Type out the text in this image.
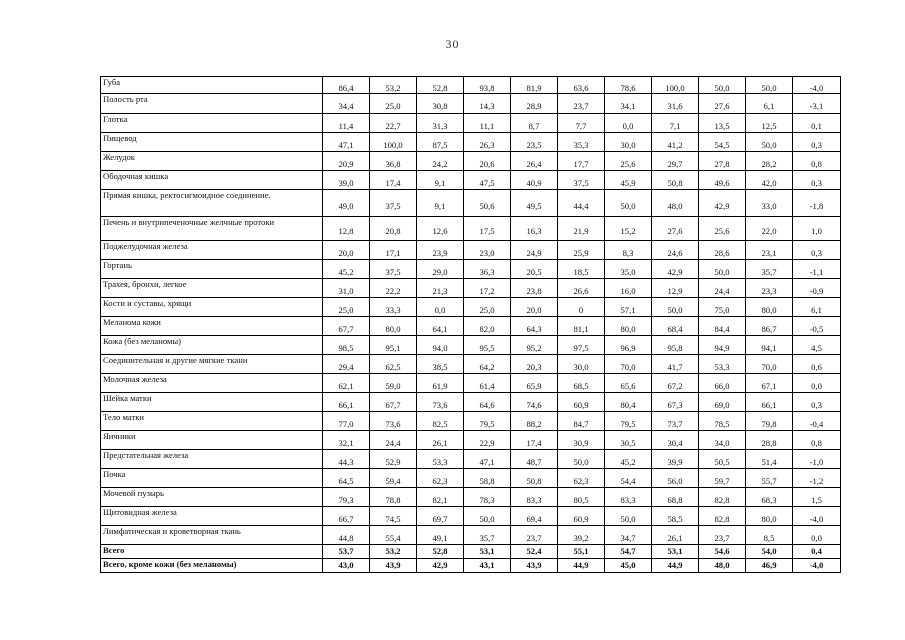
30
Губа	86,4	53,2	52,8	93,8	81,9	63,6	78,6	100,0	50,0	50,0	-4,0
Полость рта	34,4	25,0	30,8	14,3	28,9	23,7	34,1	31,6	27,6	6,1	-3,1
Глотка	11,4	22,7	31,3	11,1	8,7	7,7	0,0	7,1	13,5	12,5	0,1
Пищевод	47,1	100,0	87,5	26,3	23,5	35,3	30,0	41,2	54,5	50,0	0,3
Желудок	20,9	36,8	24,2	20,6	26,4	17,7	25,6	29,7	27,8	28,2	0,8
Ободочная кишка	39,0	17,4	9,1	47,5	40,9	37,5	45,9	50,8	49,6	42,0	0,3
Прямая кишка, ректосигмоидное соединение.	49,0	37,5	9,1	50,6	49,5	44,4	50,0	48,0	42,9	33,0	-1,8
Печень и внутрипеченочные желчные протоки	12,8	20,8	12,6	17,5	16,3	21,9	15,2	27,6	25,6	22,0	1,0
Поджелудочная железа	20,0	17,1	23,9	23,0	24,9	25,9	8,3	24,6	28,6	23,1	0,3
Гортань	45,2	37,5	29,0	36,3	20,5	18,5	35,0	42,9	50,0	35,7	-1,1
Трахея, бронхи, легкое	31,0	22,2	21,3	17,2	23,8	26,6	16,0	12,9	24,4	23,3	-0,9
Кости и суставы, хрящи	25,0	33,3	0,0	25,0	20,0	0	57,1	50,0	75,0	80,0	6,1
Меланома кожи	67,7	80,0	64,1	82,0	64,3	81,1	80,0	68,4	84,4	86,7	-0,5
Кожа (без меланомы)	98,5	95,1	94,0	95,5	95,2	97,5	96,9	95,8	94,9	94,1	4,5
Соединительная и другие мягкие ткани	29,4	62,5	38,5	64,2	20,3	30,0	70,0	41,7	53,3	70,0	0,6
Молочная железа	62,1	59,0	61,9	61,4	65,9	68,5	65,6	67,2	66,0	67,1	0,0
Шейка матки	66,1	67,7	73,6	64,6	74,6	60,9	80,4	67,3	69,0	66,1	0,3
Тело матки	77,0	73,6	82,5	79,5	88,2	84,7	79,5	73,7	78,5	79,8	-0,4
Яичники	32,1	24,4	26,1	22,9	17,4	30,9	30,5	30,4	34,0	28,8	0,8
Предстательная железа	44,3	52,9	53,3	47,1	48,7	50,0	45,2	39,9	50,5	51,4	-1,0
Почка	64,5	59,4	62,3	58,8	50,8	62,3	54,4	56,0	59,7	55,7	-1,2
Мочевой пузырь	79,3	78,8	82,1	78,3	83,3	80,5	83,3	68,8	82,8	68,3	1,5
Щитовидная железа	66,7	74,5	69,7	50,0	69,4	60,9	50,0	58,5	82,8	80,0	-4,0
Лимфатическая и кроветворная ткань	44,8	55,4	49,1	35,7	23,7	39,2	34,7	26,1	23,7	8,5	0,0
Всего	53,7	53,2	52,8	53,1	52,4	55,1	54,7	53,1	54,6	54,0	0,4
Всего, кроме кожи (без меланомы)	43,0	43,9	42,9	43,1	43,9	44,9	45,0	44,9	48,0	46,9	-4,0
